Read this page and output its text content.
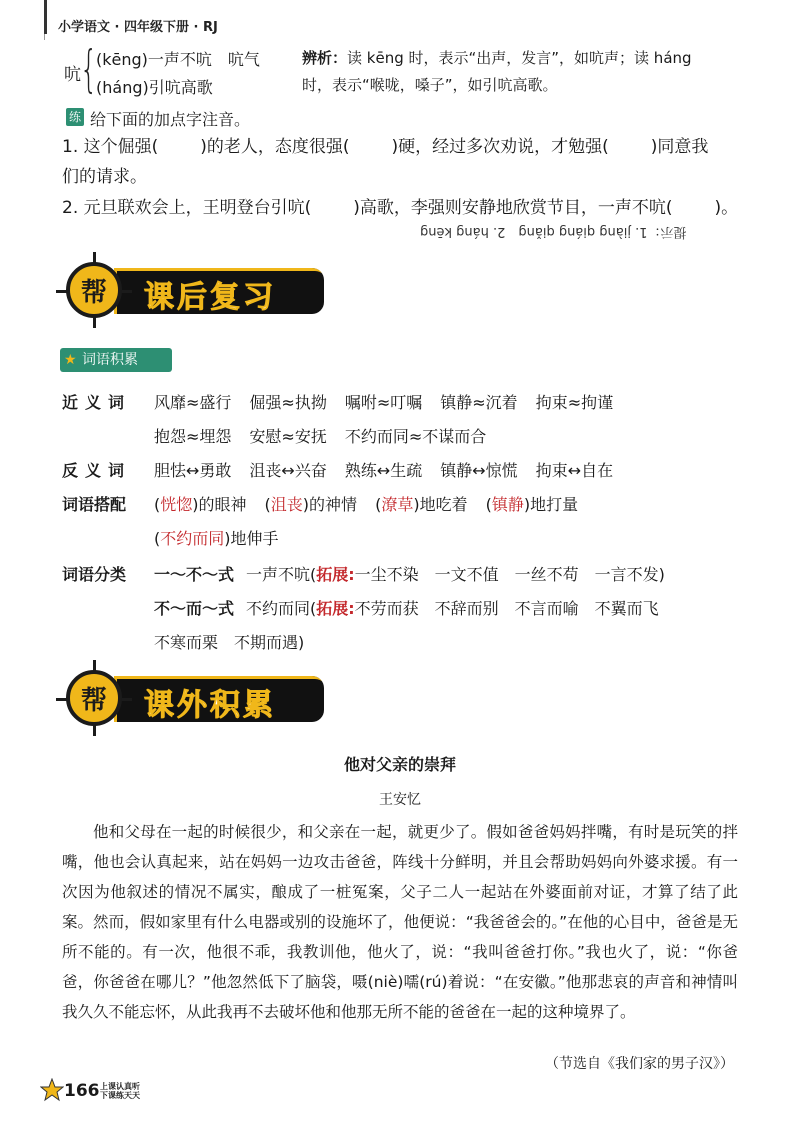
小学语文 · 四年级下册 · RJ
吭 {
(kēng)一声不吭　吭气
(háng)引吭高歌
辨析：读 kēng 时，表示“出声，发言”，如吭声；读 háng
时，表示“喉咙，嗓子”，如引吭高歌。
练 给下面的加点字注音。
1. 这个倔强( )的老人，态度很强( )硬，经过多次劝说，才勉强( )同意我
们的请求。
2. 元旦联欢会上，王明登台引吭( )高歌，李强则安静地欣赏节目，一声不吭( )。
提示：1. jiàng qiáng qiǎng　2. háng kēng
帮 课后复习
★ 词语积累
近义词 风靡≈盛行 倔强≈执拗 嘱咐≈叮嘱 镇静≈沉着 拘束≈拘谨
抱怨≈埋怨 安慰≈安抚 不约而同≈不谋而合
反义词 胆怯↔勇敢 沮丧↔兴奋 熟练↔生疏 镇静↔惊慌 拘束↔自在
词语搭配 (恍惚)的眼神 (沮丧)的神情 (潦草)地吃着 (镇静)地打量
(不约而同)地伸手
词语分类 一～不～式 一声不吭(拓展:一尘不染　一文不值　一丝不苟　一言不发)
不～而～式 不约而同(拓展:不劳而获　不辞而别　不言而喻　不翼而飞
不寒而栗　不期而遇)
帮 课外积累
他对父亲的崇拜
王安忆
他和父母在一起的时候很少，和父亲在一起，就更少了。假如爸爸妈妈拌嘴，有时是玩笑的拌嘴，他也会认真起来，站在妈妈一边攻击爸爸，阵线十分鲜明，并且会帮助妈妈向外婆求援。有一次因为他叙述的情况不属实，酿成了一桩冤案，父子二人一起站在外婆面前对证，才算了结了此案。然而，假如家里有什么电器或别的设施坏了，他便说：“我爸爸会的。”在他的心目中，爸爸是无所不能的。有一次，他很不乖，我教训他，他火了，说：“我叫爸爸打你。”我也火了，说：“你爸爸，你爸爸在哪儿？”他忽然低下了脑袋，嗫(niè)嚅(rú)着说：“在安徽。”他那悲哀的声音和神情叫我久久不能忘怀，从此我再不去破坏他和他那无所不能的爸爸在一起的这种境界了。
（节选自《我们家的男子汉》）
166 上课认真听
下课练天天
